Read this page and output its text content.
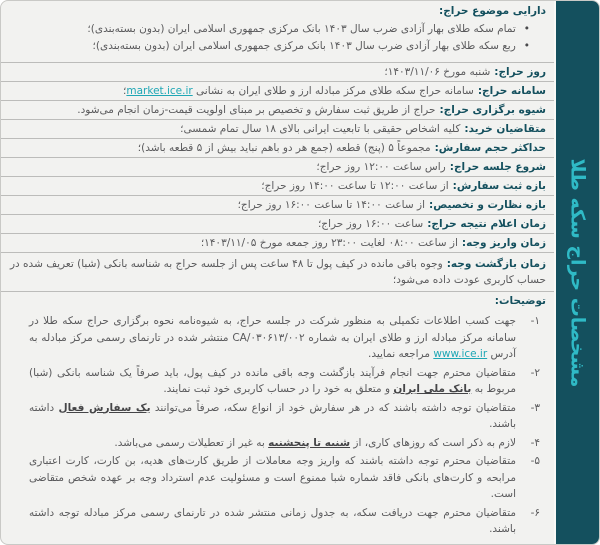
دارایی موضوع حراج:
• تمام سکه طلای بهار آزادی ضرب سال ۱۴۰۳ بانک مرکزی جمهوری اسلامی ایران (بدون بسته‌بندی)؛
• ربع سکه طلای بهار آزادی ضرب سال ۱۴۰۳ بانک مرکزی جمهوری اسلامی ایران (بدون بسته‌بندی)؛
روز حراج:شنبه مورخ ۱۴۰۳/۱۱/۰۶؛
سامانه حراج:سامانه حراج سکه طلای مرکز مبادله ارز و طلای ایران به نشانی market.ice.ir؛
شیوه برگزاری حراج:حراج از طریق ثبت سفارش و تخصیص بر مبنای اولویت قیمت-زمان انجام می‌شود.
متقاضیان خرید:کلیه اشخاص حقیقی با تابعیت ایرانی بالای ۱۸ سال تمام شمسی؛
حداکثر حجم سفارش:مجموعاً ۵ (پنج) قطعه (جمع هر دو باهم نباید بیش از ۵ قطعه باشد)؛
شروع جلسه حراج:راس ساعت ۱۲:۰۰ روز حراج؛
بازه ثبت سفارش:از ساعت ۱۲:۰۰ تا ساعت ۱۴:۰۰ روز حراج؛
بازه نظارت و تخصیص:از ساعت ۱۴:۰۰ تا ساعت ۱۶:۰۰ روز حراج؛
زمان اعلام نتیجه حراج:ساعت ۱۶:۰۰ روز حراج؛
زمان واریز وجه:از ساعت ۰۸:۰۰ لغایت ۲۳:۰۰ روز جمعه مورخ ۱۴۰۳/۱۱/۰۵؛
زمان بازگشت وجه:وجوه باقی مانده در کیف پول تا ۴۸ ساعت پس از جلسه حراج به شناسه بانکی (شبا) تعریف شده در حساب کاربری عودت داده می‌شود؛
توضیحات:
۱-
جهت کسب اطلاعات تکمیلی به منظور شرکت در جلسه حراج، به شیوه‌نامه نحوه برگزاری حراج سکه طلا در سامانه مرکز مبادله ارز و طلای ایران به شماره CA/۰۳۰۶۱۳/۰۰۲ منتشر شده در تارنمای رسمی مرکز مبادله به آدرس www.ice.ir مراجعه نمایید.
۲-
متقاضیان محترم جهت انجام فرآیند بازگشت وجه باقی مانده در کیف پول، باید صرفاً یک شناسه بانکی (شبا) مربوط به بانک ملی ایران و متعلق به خود را در حساب کاربری خود ثبت نمایند.
۳-
متقاضیان توجه داشته باشند که در هر سفارش خود از انواع سکه، صرفاً می‌توانند یک سفارش فعال داشته باشند.
۴-
لازم به ذکر است که روزهای کاری، از شنبه تا پنجشنبه به غیر از تعطیلات رسمی می‌باشد.
۵-
متقاضیان محترم توجه داشته باشند که واریز وجه معاملات از طریق کارت‌های هدیه، بن کارت، کارت اعتباری مرابحه و کارت‌های بانکی فاقد شماره شبا ممنوع است و مسئولیت عدم استرداد وجه بر عهده شخص متقاضی است.
۶-
متقاضیان محترم جهت دریافت سکه، به جدول زمانی منتشر شده در تارنمای رسمی مرکز مبادله توجه داشته باشند.
مشخصات حراج سکه طلا
